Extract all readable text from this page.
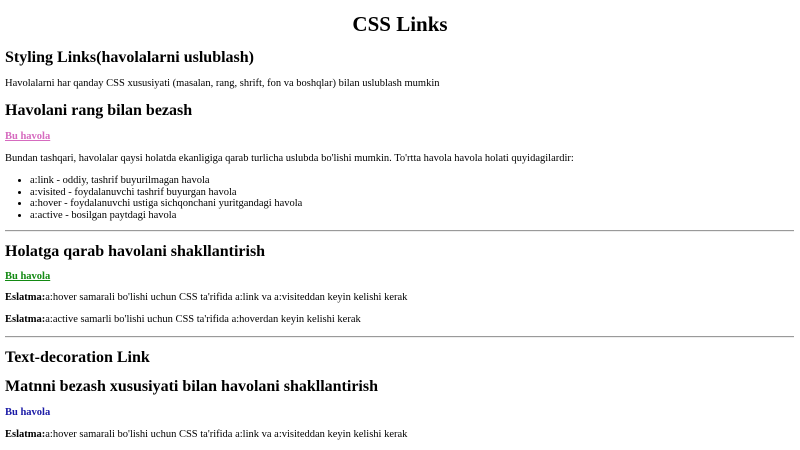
CSS Links
Styling Links(havolalarni uslublash)

Havolalarni har qanday CSS xususiyati (masalan, rang, shrift, fon va boshqlar) bilan uslublash mumkin

Havolani rang bilan bezash

Bu havola

Bundan tashqari, havolalar qaysi holatda ekanligiga qarab turlicha uslubda bo'lishi mumkin. To'rtta havola havola holati quyidagilardir:

• a:link - oddiy, tashrif buyurilmagan havola
• a:visited - foydalanuvchi tashrif buyurgan havola
• a:hover - foydalanuvchi ustiga sichqonchani yuritgandagi havola
• a:active - bosilgan paytdagi havola
Holatga qarab havolani shakllantirish

Bu havola

Eslatma:a:hover samarali bo'lishi uchun CSS ta'rifida a:link va a:visiteddan keyin kelishi kerak

Eslatma:a:active samarli bo'lishi uchun CSS ta'rifida a:hoverdan keyin kelishi kerak

Text-decoration Link
Matnni bezash xususiyati bilan havolani shakllantirish

Bu havola

Eslatma:a:hover samarali bo'lishi uchun CSS ta'rifida a:link va a:visiteddan keyin kelishi kerak
